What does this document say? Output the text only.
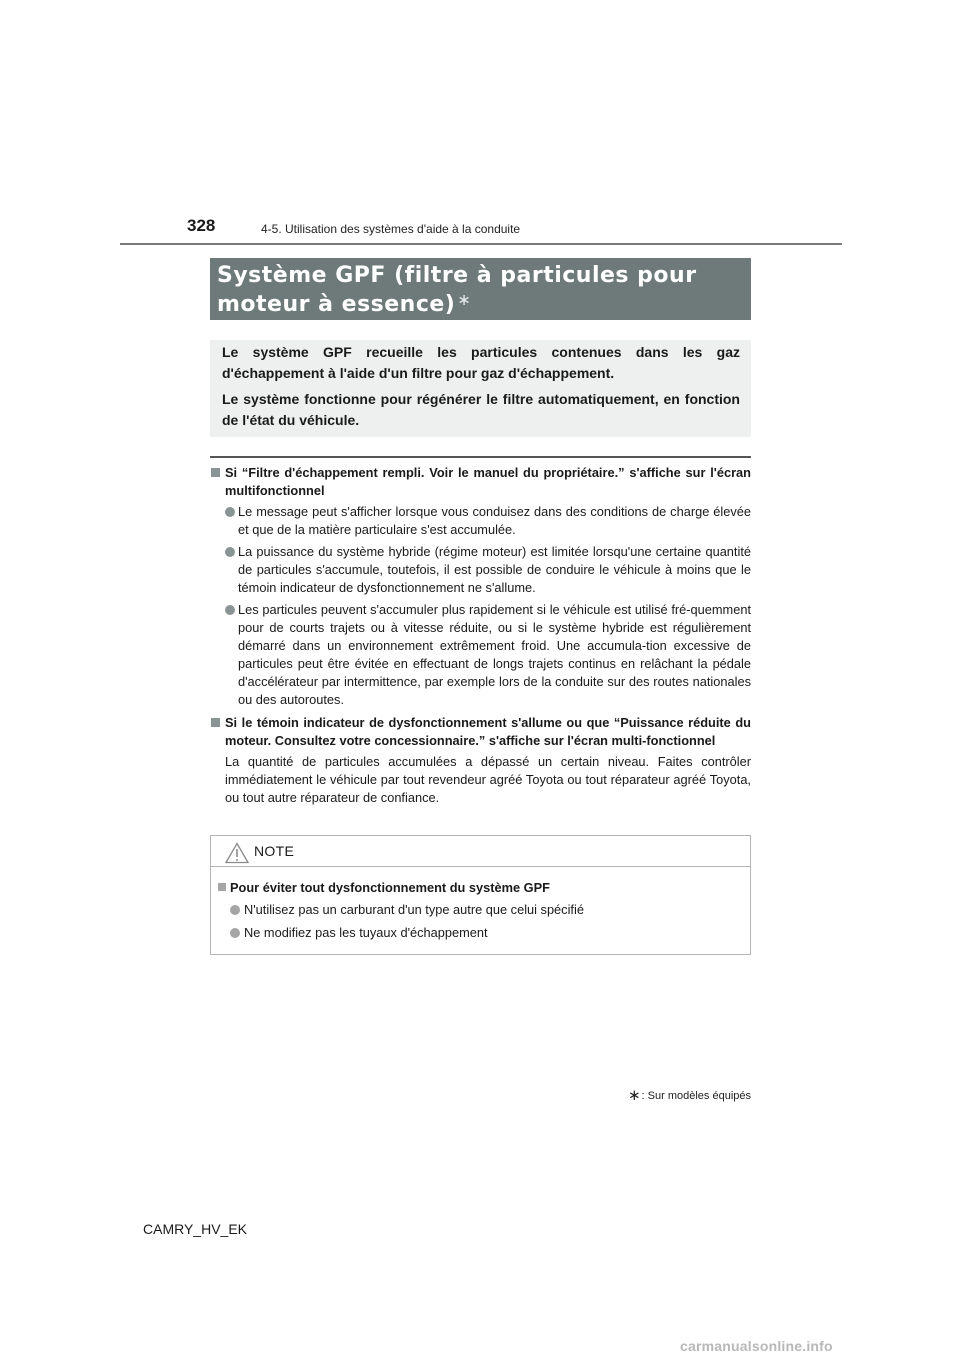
328	4-5. Utilisation des systèmes d'aide à la conduite
Système GPF (filtre à particules pour moteur à essence) ∗

Le système GPF recueille les particules contenues dans les gaz d'échappement à l'aide d'un filtre pour gaz d'échappement.

Le système fonctionne pour régénérer le filtre automatiquement, en fonction de l'état du véhicule.

Si “Filtre d'échappement rempli. Voir le manuel du propriétaire.” s'affiche sur l'écran multifonctionnel
Le message peut s'afficher lorsque vous conduisez dans des conditions de charge élevée et que de la matière particulaire s'est accumulée.
La puissance du système hybride (régime moteur) est limitée lorsqu'une certaine quantité de particules s'accumule, toutefois, il est possible de conduire le véhicule à moins que le témoin indicateur de dysfonctionnement ne s'allume.
Les particules peuvent s'accumuler plus rapidement si le véhicule est utilisé fré-quemment pour de courts trajets ou à vitesse réduite, ou si le système hybride est régulièrement démarré dans un environnement extrêmement froid. Une accumula-tion excessive de particules peut être évitée en effectuant de longs trajets continus en relâchant la pédale d'accélérateur par intermittence, par exemple lors de la conduite sur des routes nationales ou des autoroutes.
Si le témoin indicateur de dysfonctionnement s'allume ou que “Puissance réduite du moteur. Consultez votre concessionnaire.” s'affiche sur l'écran multi-fonctionnel
La quantité de particules accumulées a dépassé un certain niveau. Faites contrôler immédiatement le véhicule par tout revendeur agréé Toyota ou tout réparateur agréé Toyota, ou tout autre réparateur de confiance.
NOTE
Pour éviter tout dysfonctionnement du système GPF
N'utilisez pas un carburant d'un type autre que celui spécifié
Ne modifiez pas les tuyaux d'échappement
∗: Sur modèles équipés
CAMRY_HV_EK
carmanualsonline.info
